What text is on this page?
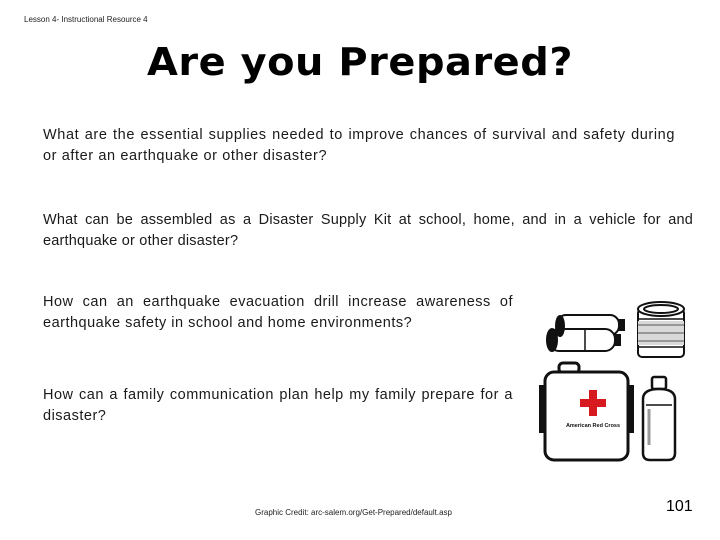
Lesson 4- Instructional Resource 4
Are you Prepared?
What are the essential supplies needed to improve chances of survival and safety during or after an earthquake or other disaster?
What can be assembled as a Disaster Supply Kit at school, home, and in a vehicle for and earthquake or other disaster?
How can an earthquake evacuation drill increase awareness of earthquake safety in school and home environments?
How can a family communication plan help my family prepare for a disaster?
American Red Cross
Graphic Credit: arc-salem.org/Get-Prepared/default.asp	101
